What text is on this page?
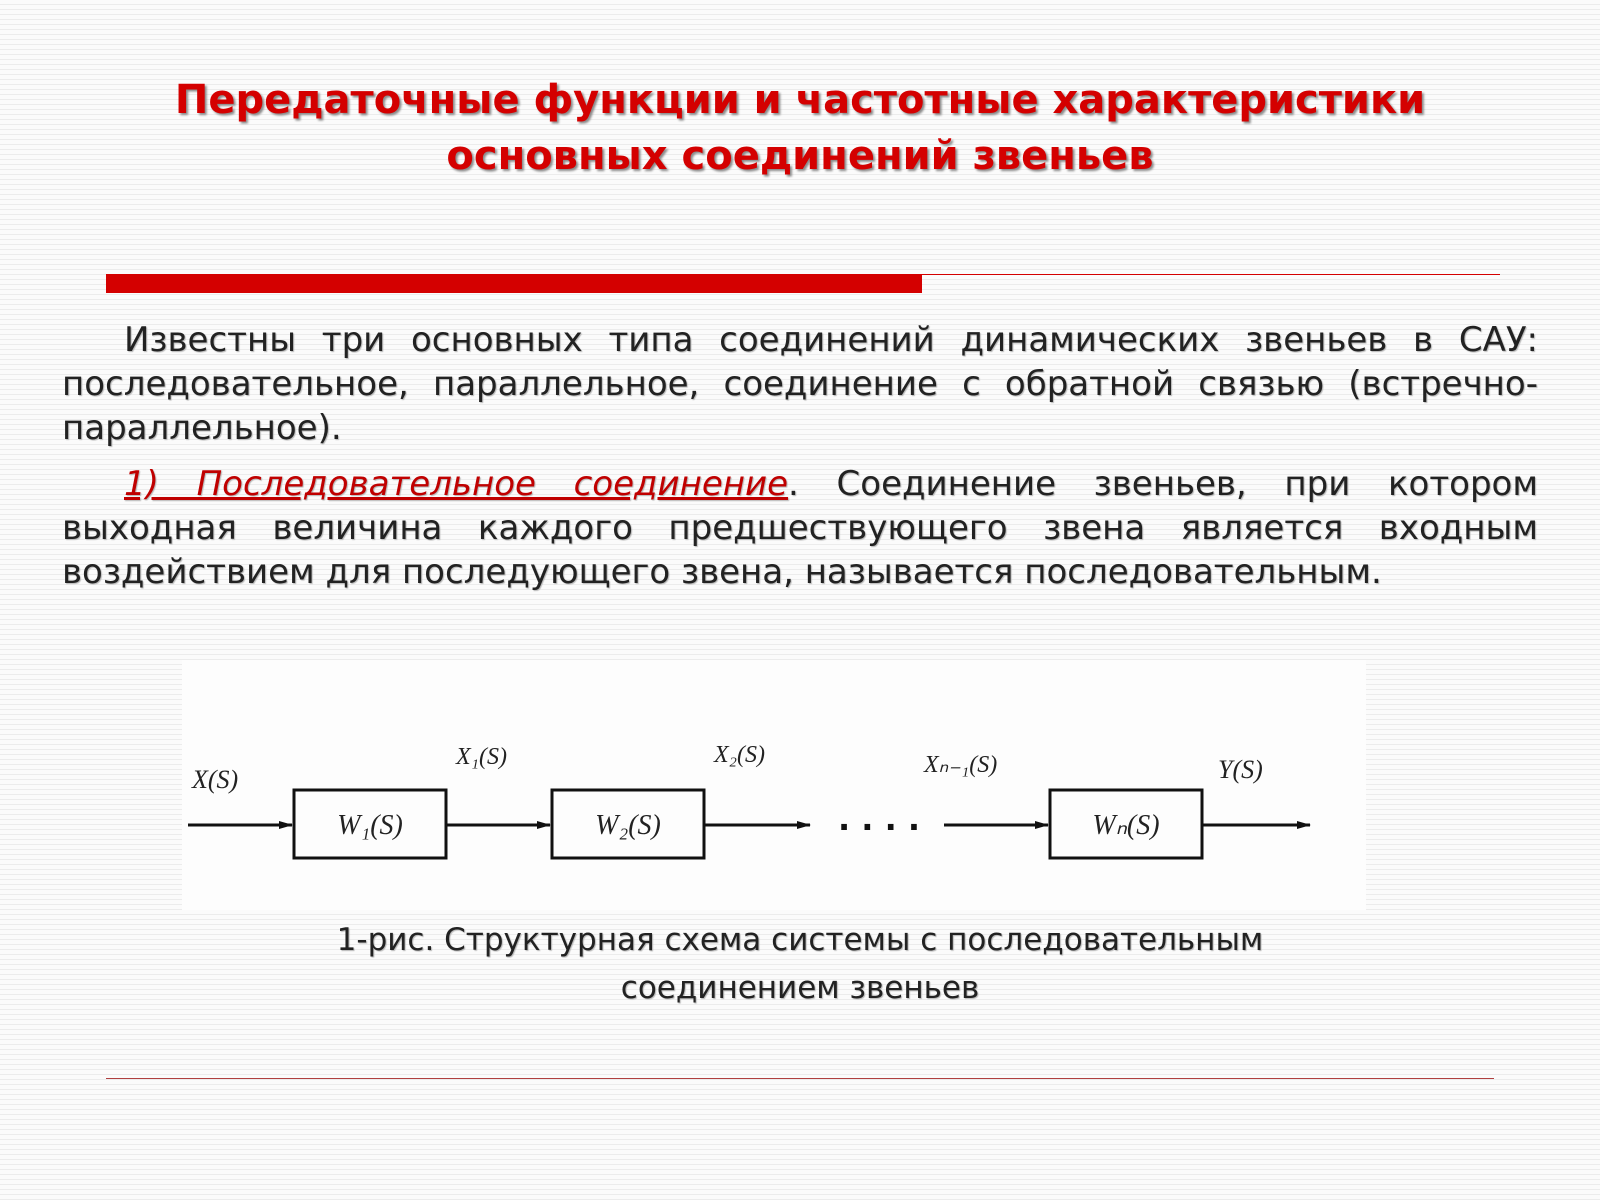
Передаточные функции и частотные характеристики
основных соединений звеньев

Известны три основных типа соединений динамических звеньев в САУ: последовательное, параллельное, соединение с обратной связью (встречно-параллельное).

1) Последовательное соединение. Соединение звеньев, при котором выходная величина каждого предшествующего звена является входным воздействием для последующего звена, называется последовательным.

X(S)
W₁(S)
X₁(S)
W₂(S)
X₂(S)
. . . .
Xₙ₋₁(S)
Wₙ(S)
Y(S)
1-рис. Структурная схема системы с последовательным
соединением звеньев
